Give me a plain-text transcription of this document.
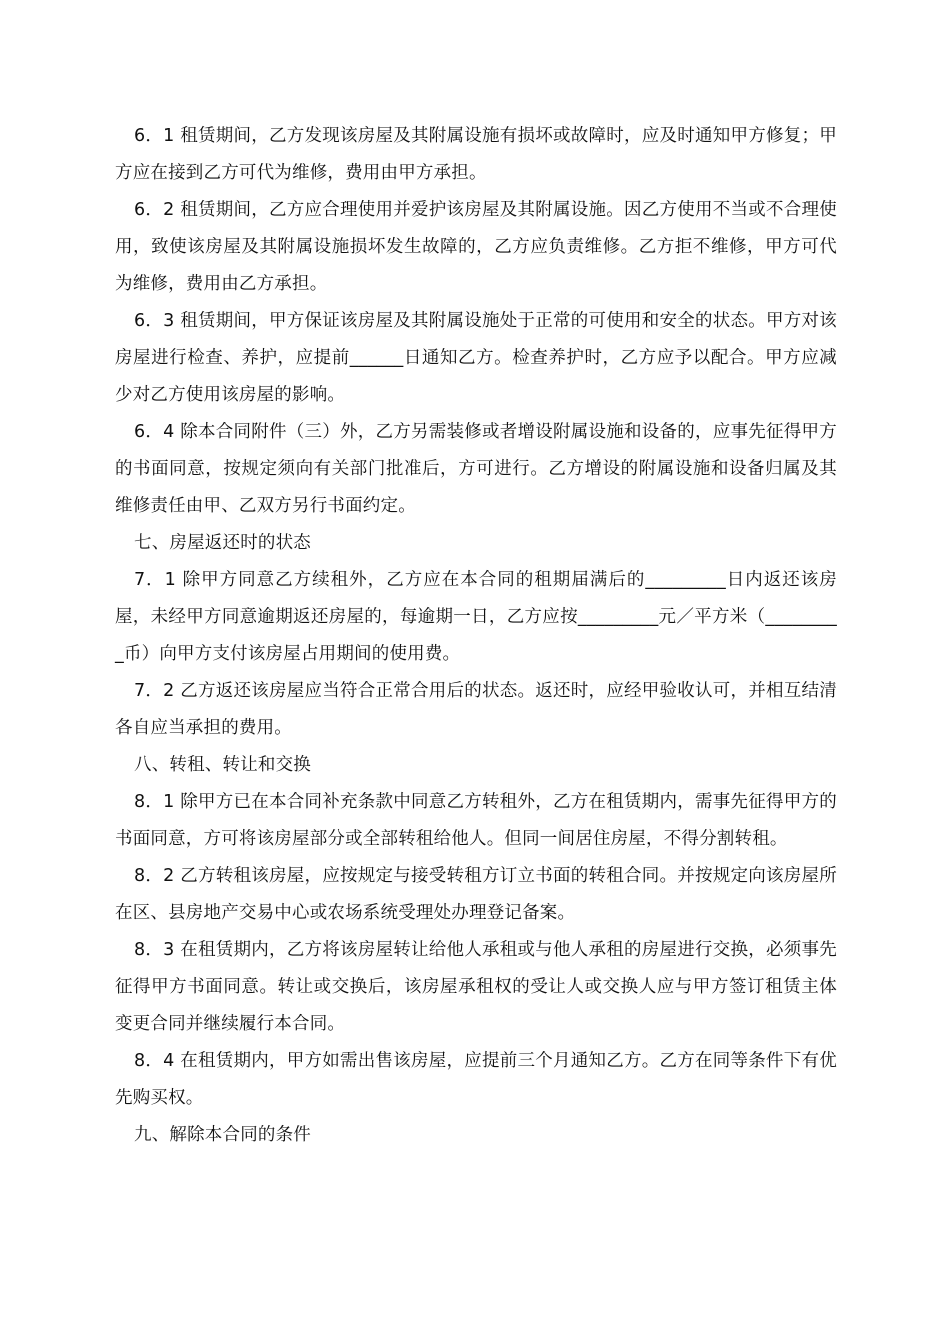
6．1 租赁期间，乙方发现该房屋及其附属设施有损坏或故障时，应及时通知甲方修复；甲方应在接到乙方可代为维修，费用由甲方承担。

6．2 租赁期间，乙方应合理使用并爱护该房屋及其附属设施。因乙方使用不当或不合理使用，致使该房屋及其附属设施损坏发生故障的，乙方应负责维修。乙方拒不维修，甲方可代为维修，费用由乙方承担。

6．3 租赁期间，甲方保证该房屋及其附属设施处于正常的可使用和安全的状态。甲方对该房屋进行检查、养护，应提前______日通知乙方。检查养护时，乙方应予以配合。甲方应减少对乙方使用该房屋的影响。

6．4 除本合同附件（三）外，乙方另需装修或者增设附属设施和设备的，应事先征得甲方的书面同意，按规定须向有关部门批准后，方可进行。乙方增设的附属设施和设备归属及其维修责任由甲、乙双方另行书面约定。

七、房屋返还时的状态

7．1 除甲方同意乙方续租外，乙方应在本合同的租期届满后的_________日内返还该房屋，未经甲方同意逾期返还房屋的，每逾期一日，乙方应按_________元／平方米（_________币）向甲方支付该房屋占用期间的使用费。

7．2 乙方返还该房屋应当符合正常合用后的状态。返还时，应经甲验收认可，并相互结清各自应当承担的费用。

八、转租、转让和交换

8．1 除甲方已在本合同补充条款中同意乙方转租外，乙方在租赁期内，需事先征得甲方的书面同意，方可将该房屋部分或全部转租给他人。但同一间居住房屋，不得分割转租。

8．2 乙方转租该房屋，应按规定与接受转租方订立书面的转租合同。并按规定向该房屋所在区、县房地产交易中心或农场系统受理处办理登记备案。

8．3 在租赁期内，乙方将该房屋转让给他人承租或与他人承租的房屋进行交换，必须事先征得甲方书面同意。转让或交换后，该房屋承租权的受让人或交换人应与甲方签订租赁主体变更合同并继续履行本合同。

8．4 在租赁期内，甲方如需出售该房屋，应提前三个月通知乙方。乙方在同等条件下有优先购买权。

九、解除本合同的条件
